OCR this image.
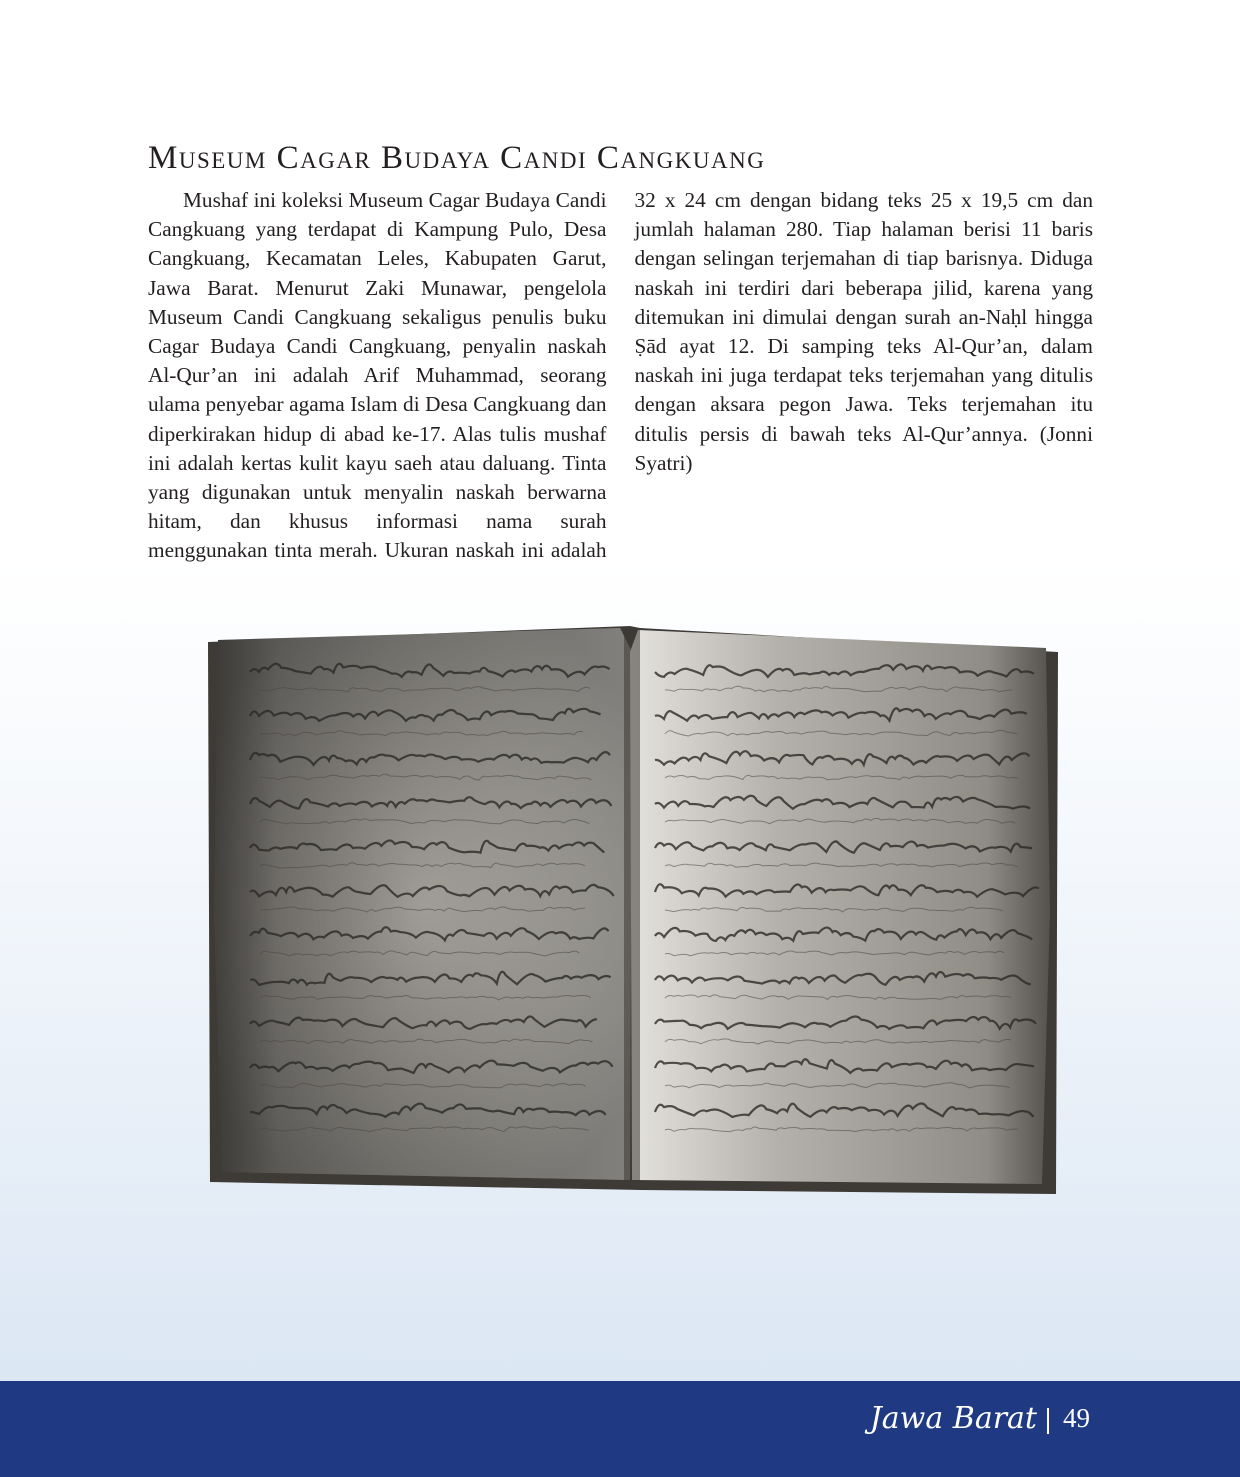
Museum Cagar Budaya Candi Cangkuang

Mushaf ini koleksi Museum Cagar Budaya Candi Cangkuang yang terdapat di Kampung Pulo, Desa Cangkuang, Kecamatan Leles, Kabupaten Garut, Jawa Barat. Menurut Zaki Munawar, pengelola Museum Candi Cangkuang sekaligus penulis buku Cagar Budaya Candi Cangkuang, penyalin naskah Al-Qur’an ini adalah Arif Muhammad, seorang ulama penyebar agama Islam di Desa Cangkuang dan diperkirakan hidup di abad ke-17. Alas tulis mushaf ini adalah kertas kulit kayu saeh atau daluang. Tinta yang digunakan untuk menyalin naskah berwarna hitam, dan khusus informasi nama surah menggunakan tinta merah. Ukuran naskah ini adalah 32 x 24 cm dengan bidang teks 25 x 19,5 cm dan jumlah halaman 280. Tiap halaman berisi 11 baris dengan selingan terjemahan di tiap barisnya. Diduga naskah ini terdiri dari beberapa jilid, karena yang ditemukan ini dimulai dengan surah an-Naḥl hingga Ṣād ayat 12. Di samping teks Al-Qur’an, dalam naskah ini juga terdapat teks terjemahan yang ditulis dengan aksara pegon Jawa. Teks terjemahan itu ditulis persis di bawah teks Al-Qur’annya. (Jonni Syatri)

Jawa Barat 49
